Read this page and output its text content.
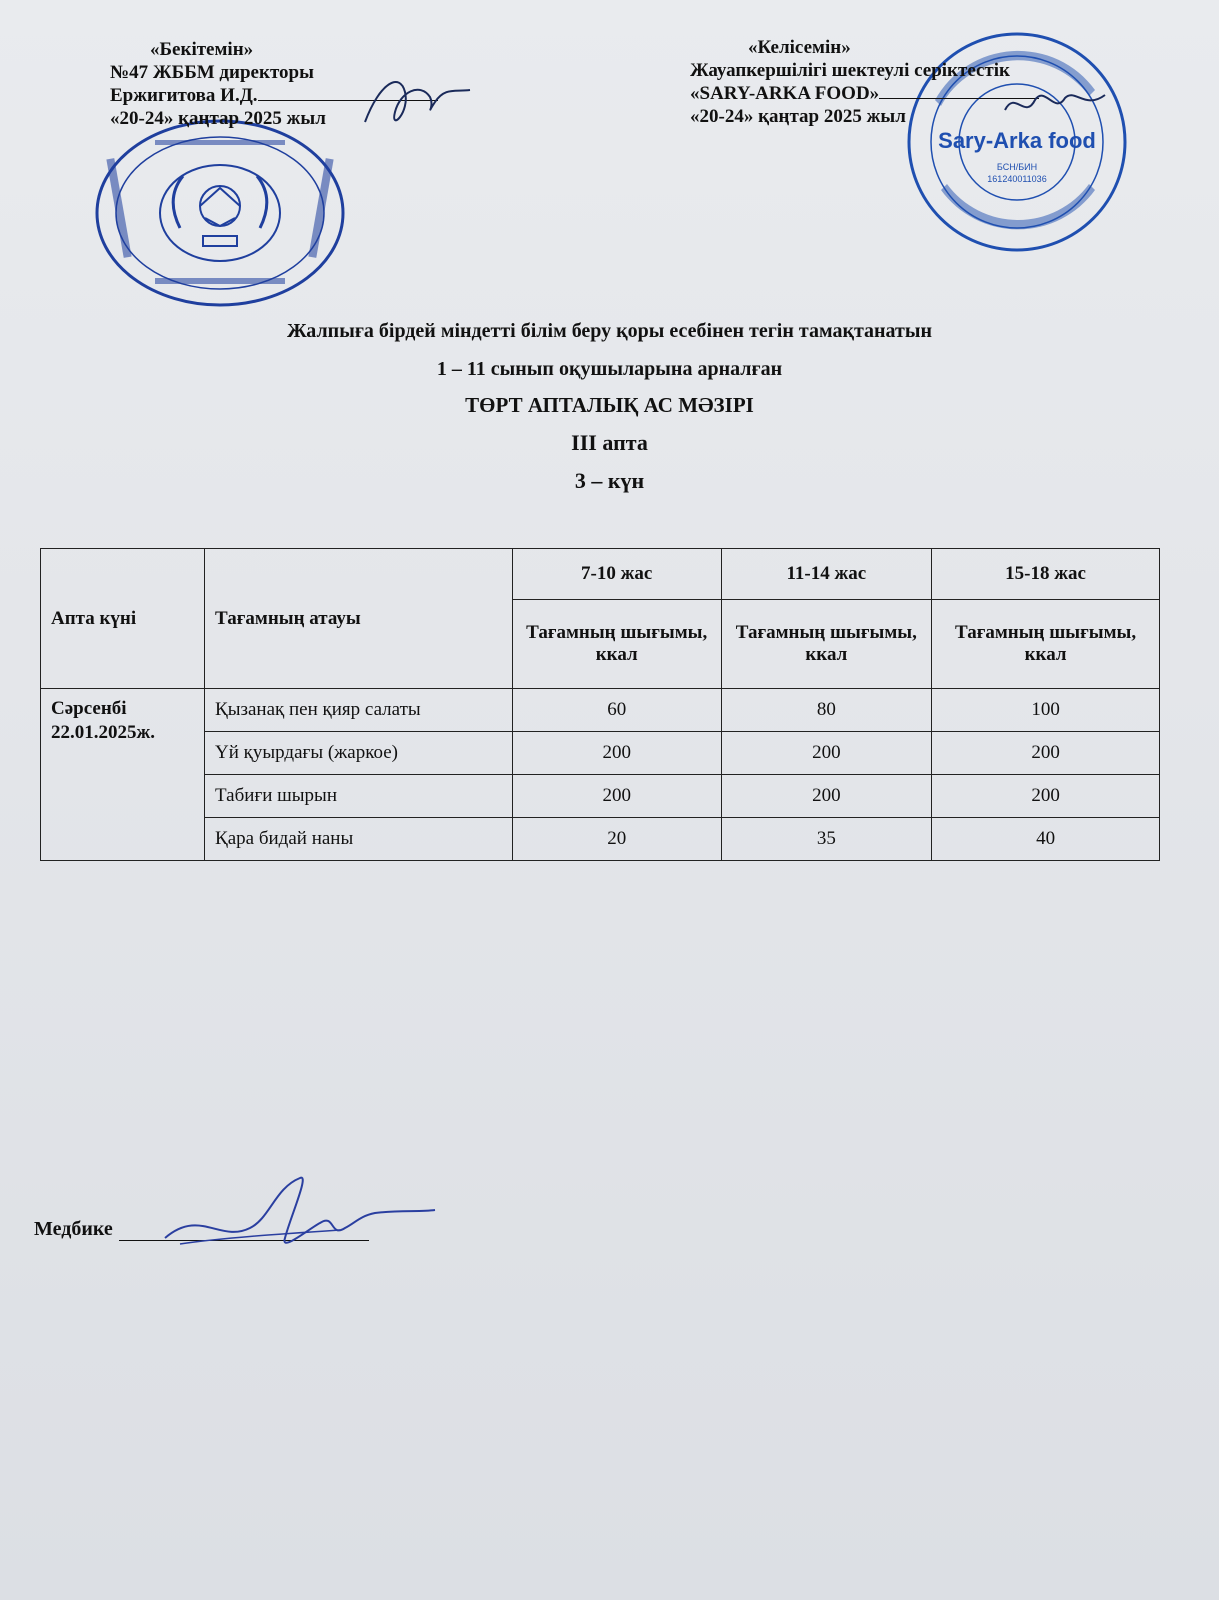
Sary-Arka food
БСН/БИН
161240011036
«Бекітемін»
№47 ЖББМ директоры
Ержигитова И.Д.
«20-24» қаңтар 2025 жыл
«Келісемін»
Жауапкершілігі шектеулі серіктестік
«SARY-ARKA FOOD»
«20-24» қаңтар 2025 жыл
Жалпыға бірдей міндетті білім беру қоры есебінен тегін тамақтанатын
1 – 11 сынып оқушыларына арналған
ТӨРТ АПТАЛЫҚ АС МӘЗІРІ
III апта
3 – күн
Апта күні	Тағамның атауы	7-10 жас	11-14 жас	15-18 жас
		Тағамның шығымы, ккал	Тағамның шығымы, ккал	Тағамның шығымы, ккал

Сәрсенбі
22.01.2025ж.	Қызанақ пен қияр салаты	60	80	100
	Үй қуырдағы (жаркое)	200	200	200
	Табиғи шырын	200	200	200
	Қара бидай наны	20	35	40
Медбике
